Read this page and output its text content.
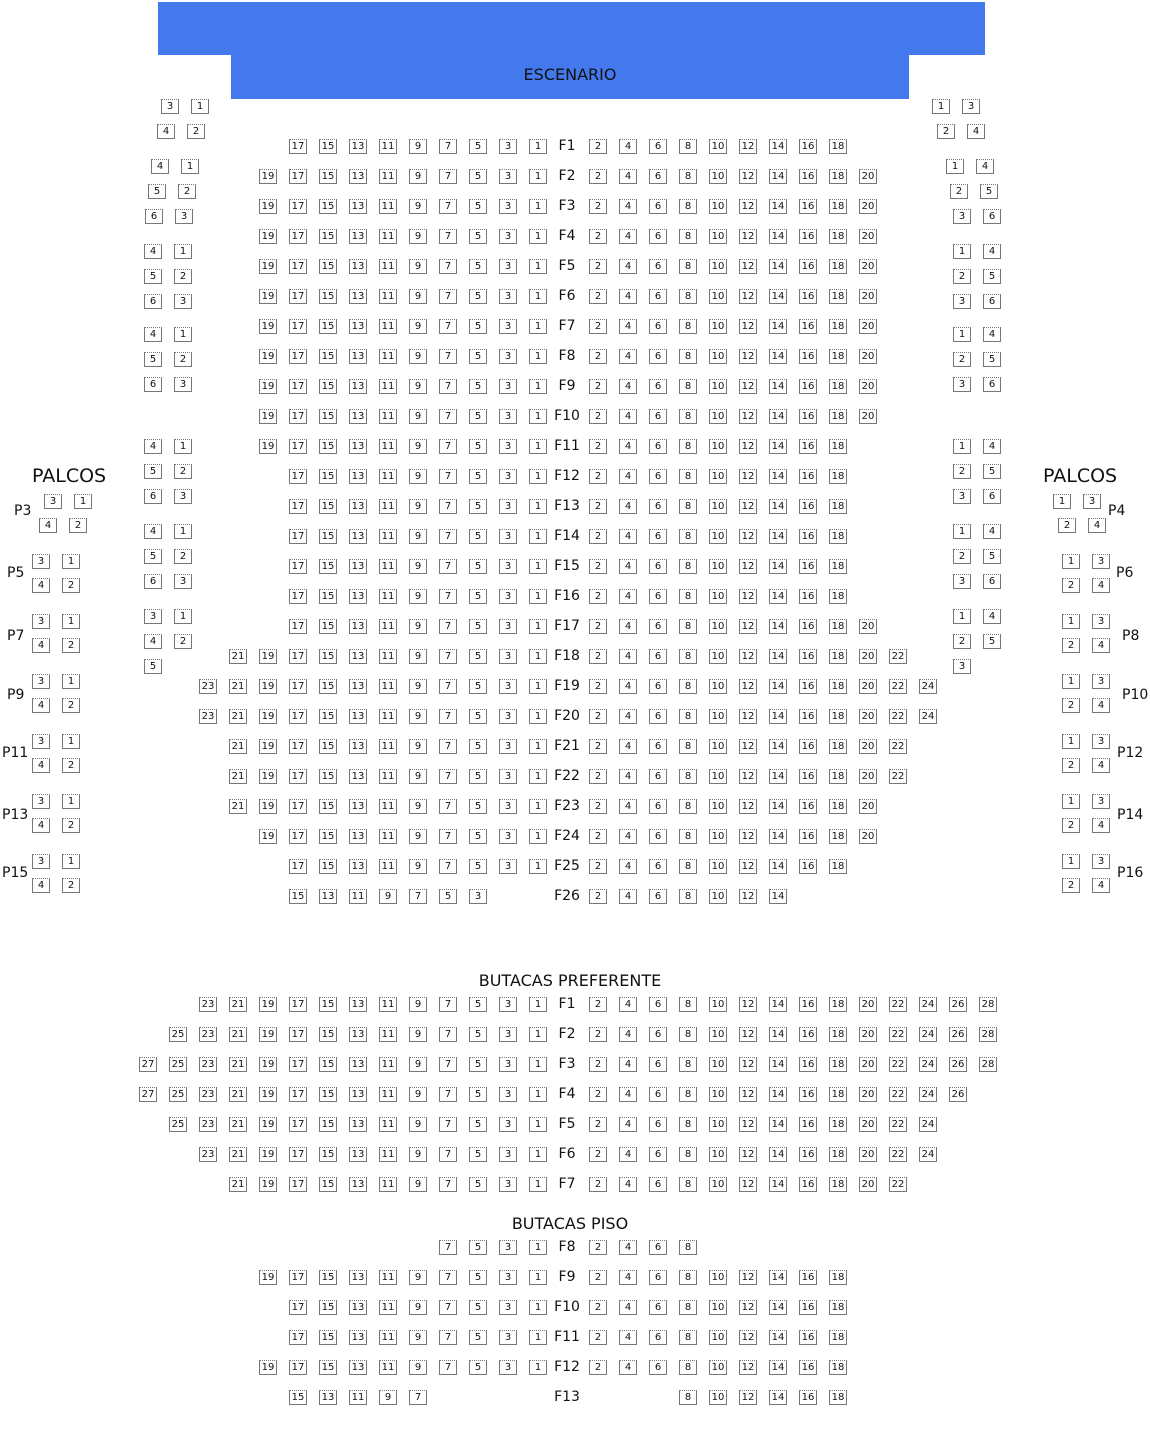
ESCENARIO
PALCOS	PALCOS
BUTACAS PREFERENTE
BUTACAS PISO
F1
17 15 13 11	9	7	5	3	1	2	4	6	8	10 12 14 16 18
F2
19 17 15 13 11	9	7	5	3	1	2	4	6	8	10 12 14 16 18 20
F3
19 17 15 13 11	9	7	5	3	1	2	4	6	8	10 12 14 16 18 20
F4
19 17 15 13 11	9	7	5	3	1	2	4	6	8	10 12 14 16 18 20
F5
19 17 15 13 11	9	7	5	3	1	2	4	6	8	10 12 14 16 18 20
F6
19 17 15 13 11	9	7	5	3	1	2	4	6	8	10 12 14 16 18 20
F7
19 17 15 13 11	9	7	5	3	1	2	4	6	8	10 12 14 16 18 20
F8
19 17 15 13 11	9	7	5	3	1	2	4	6	8	10 12 14 16 18 20
F9
19 17 15 13 11	9	7	5	3	1	2	4	6	8	10 12 14 16 18 20
F10
19 17 15 13 11	9	7	5	3	1	2	4	6	8	10 12 14 16 18 20
F11
19 17 15 13 11	9	7	5	3	1	2	4	6	8	10 12 14 16 18
F12
17 15 13 11	9	7	5	3	1	2	4	6	8	10 12 14 16 18
F13
17 15 13 11	9	7	5	3	1	2	4	6	8	10 12 14 16 18
F14
17 15 13 11	9	7	5	3	1	2	4	6	8	10 12 14 16 18
F15
17 15 13 11	9	7	5	3	1	2	4	6	8	10 12 14 16 18
F16
17 15 13 11	9	7	5	3	1	2	4	6	8	10 12 14 16 18
F17
17 15 13 11	9	7	5	3	1	2	4	6	8	10 12 14 16 18 20
F18
21 19 17 15 13 11	9	7	5	3	1	2	4	6	8	10 12 14 16 18 20 22
F19
23 21 19 17 15 13 11	9	7	5	3	1	2	4	6	8	10 12 14 16 18 20 22 24
F20
23 21 19 17 15 13 11	9	7	5	3	1	2	4	6	8	10 12 14 16 18 20 22 24
F21
21 19 17 15 13 11	9	7	5	3	1	2	4	6	8	10 12 14 16 18 20 22
F22
21 19 17 15 13 11	9	7	5	3	1	2	4	6	8	10 12 14 16 18 20 22
F23
21 19 17 15 13 11	9	7	5	3	1	2	4	6	8	10 12 14 16 18 20
F24
19 17 15 13 11	9	7	5	3	1	2	4	6	8	10 12 14 16 18 20
F25
17 15 13 11	9	7	5	3	1	2	4	6	8	10 12 14 16 18
F26
15 13 11	9	7	5	3	2	4	6	8	10 12 14
F1
23 21 19 17 15 13 11	9	7	5	3	1	2	4	6	8	10 12 14 16 18 20 22 24 26 28
F2
25 23 21 19 17 15 13 11	9	7	5	3	1	2	4	6	8	10 12 14 16 18 20 22 24 26 28
F3
27 25 23 21 19 17 15 13 11	9	7	5	3	1	2	4	6	8	10 12 14 16 18 20 22 24 26 28
F4
27 25 23 21 19 17 15 13 11	9	7	5	3	1	2	4	6	8	10 12 14 16 18 20 22 24 26
F5
25 23 21 19 17 15 13 11	9	7	5	3	1	2	4	6	8	10 12 14 16 18 20 22 24
F6
23 21 19 17 15 13 11	9	7	5	3	1	2	4	6	8	10 12 14 16 18 20 22 24
F7
21 19 17 15 13 11	9	7	5	3	1	2	4	6	8	10 12 14 16 18 20 22
F8
7	5	3	1	2	4	6	8
F9
19 17 15 13 11	9	7	5	3	1	2	4	6	8	10 12 14 16 18
F10
17 15 13 11	9	7	5	3	1	2	4	6	8	10 12 14 16 18
F11
17 15 13 11	9	7	5	3	1	2	4	6	8	10 12 14 16 18
F12
19 17 15 13 11	9	7	5	3	1	2	4	6	8	10 12 14 16 18
F13
15 13 11	9	7	8	10 12 14 16 18
3	1
4	2
4	1
5	2
6	3
4	1
5	2
6	3
4	1
5	2
6	3
4	1
5	2
6	3
4	1
5	2
6	3
3	1
4	2
5
1	3
2	4
1	4
2	5
3	6
1	4
2	5
3	6
1	4
2	5
3	6
1	4
2	5
3	6
1	4
2	5
3	6
1	4
2	5
3
3	1
4	2
P3
3	1
4	2
P5
3	1
4	2
P7
3	1
4	2
P9
3	1
4	2
P11
3	1
4	2
P13
3	1
4	2
P15
1	3
2	4
P4
1	3
2	4
P6
1	3
2	4
P8
1	3
2	4
P10
1	3
2	4
P12
1	3
2	4
P14
1	3
2	4
P16
